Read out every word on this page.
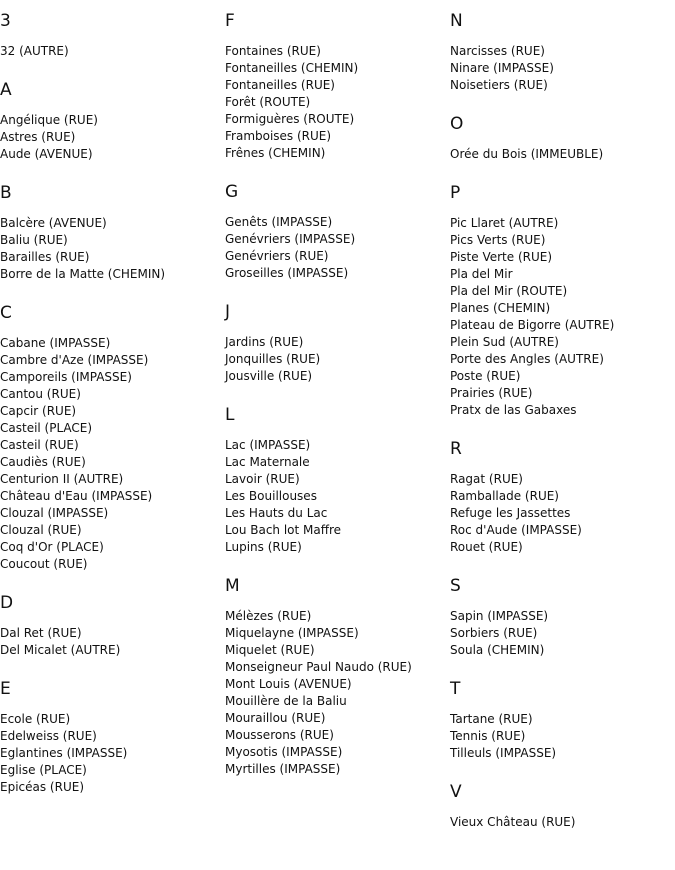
3
32 (AUTRE)
A
Angélique (RUE)
Astres (RUE)
Aude (AVENUE)
B
Balcère (AVENUE)
Baliu (RUE)
Barailles (RUE)
Borre de la Matte (CHEMIN)
C
Cabane (IMPASSE)
Cambre d'Aze (IMPASSE)
Camporeils (IMPASSE)
Cantou (RUE)
Capcir (RUE)
Casteil (PLACE)
Casteil (RUE)
Caudiès (RUE)
Centurion II (AUTRE)
Château d'Eau (IMPASSE)
Clouzal (IMPASSE)
Clouzal (RUE)
Coq d'Or (PLACE)
Coucout (RUE)
D
Dal Ret (RUE)
Del Micalet (AUTRE)
E
Ecole (RUE)
Edelweiss (RUE)
Eglantines (IMPASSE)
Eglise (PLACE)
Epicéas (RUE)
F
Fontaines (RUE)
Fontaneilles (CHEMIN)
Fontaneilles (RUE)
Forêt (ROUTE)
Formiguères (ROUTE)
Framboises (RUE)
Frênes (CHEMIN)
G
Genêts (IMPASSE)
Genévriers (IMPASSE)
Genévriers (RUE)
Groseilles (IMPASSE)
J
Jardins (RUE)
Jonquilles (RUE)
Jousville (RUE)
L
Lac (IMPASSE)
Lac Maternale
Lavoir (RUE)
Les Bouillouses
Les Hauts du Lac
Lou Bach lot Maffre
Lupins (RUE)
M
Mélèzes (RUE)
Miquelayne (IMPASSE)
Miquelet (RUE)
Monseigneur Paul Naudo (RUE)
Mont Louis (AVENUE)
Mouillère de la Baliu
Mouraillou (RUE)
Mousserons (RUE)
Myosotis (IMPASSE)
Myrtilles (IMPASSE)
N
Narcisses (RUE)
Ninare (IMPASSE)
Noisetiers (RUE)
O
Orée du Bois (IMMEUBLE)
P
Pic Llaret (AUTRE)
Pics Verts (RUE)
Piste Verte (RUE)
Pla del Mir
Pla del Mir (ROUTE)
Planes (CHEMIN)
Plateau de Bigorre (AUTRE)
Plein Sud (AUTRE)
Porte des Angles (AUTRE)
Poste (RUE)
Prairies (RUE)
Pratx de las Gabaxes
R
Ragat (RUE)
Ramballade (RUE)
Refuge les Jassettes
Roc d'Aude (IMPASSE)
Rouet (RUE)
S
Sapin (IMPASSE)
Sorbiers (RUE)
Soula (CHEMIN)
T
Tartane (RUE)
Tennis (RUE)
Tilleuls (IMPASSE)
V
Vieux Château (RUE)
